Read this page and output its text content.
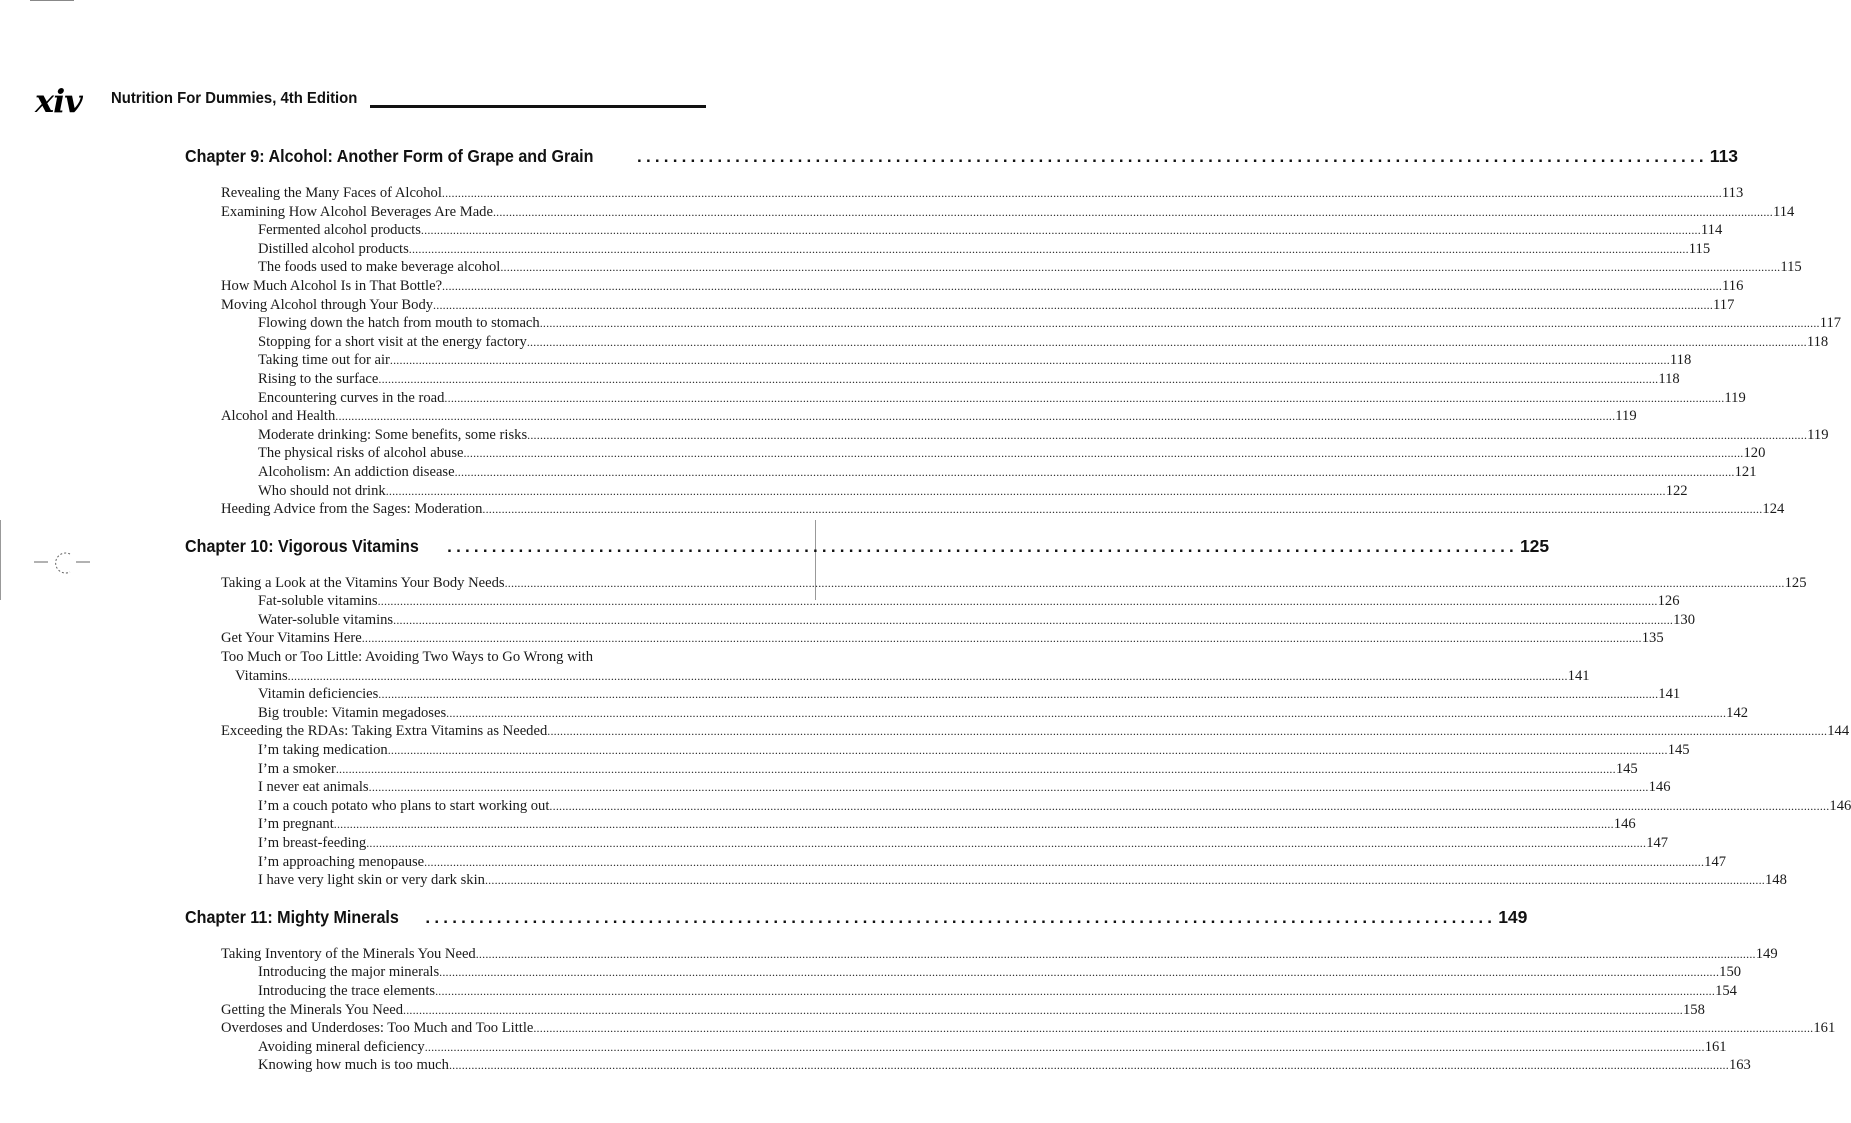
xiv Nutrition For Dummies, 4th Edition
Chapter 9: Alcohol: Another Form of Grape and Grain	........................................................................................................................ 113
Revealing the Many Faces of Alcohol ................................................................................................................................................................................................................................................................................................................................................................................................................ 113
Examining How Alcohol Beverages Are Made ................................................................................................................................................................................................................................................................................................................................................................................................................ 114
Fermented alcohol products ................................................................................................................................................................................................................................................................................................................................................................................................................ 114
Distilled alcohol products ................................................................................................................................................................................................................................................................................................................................................................................................................ 115
The foods used to make beverage alcohol ................................................................................................................................................................................................................................................................................................................................................................................................................ 115
How Much Alcohol Is in That Bottle? ................................................................................................................................................................................................................................................................................................................................................................................................................ 116
Moving Alcohol through Your Body ................................................................................................................................................................................................................................................................................................................................................................................................................ 117
Flowing down the hatch from mouth to stomach ................................................................................................................................................................................................................................................................................................................................................................................................................ 117
Stopping for a short visit at the energy factory ................................................................................................................................................................................................................................................................................................................................................................................................................ 118
Taking time out for air ................................................................................................................................................................................................................................................................................................................................................................................................................ 118
Rising to the surface ................................................................................................................................................................................................................................................................................................................................................................................................................ 118
Encountering curves in the road ................................................................................................................................................................................................................................................................................................................................................................................................................ 119
Alcohol and Health ................................................................................................................................................................................................................................................................................................................................................................................................................ 119
Moderate drinking: Some benefits, some risks ................................................................................................................................................................................................................................................................................................................................................................................................................ 119
The physical risks of alcohol abuse ................................................................................................................................................................................................................................................................................................................................................................................................................ 120
Alcoholism: An addiction disease ................................................................................................................................................................................................................................................................................................................................................................................................................ 121
Who should not drink ................................................................................................................................................................................................................................................................................................................................................................................................................ 122
Heeding Advice from the Sages: Moderation ................................................................................................................................................................................................................................................................................................................................................................................................................ 124
Chapter 10: Vigorous Vitamins ........................................................................................................................ 125
Taking a Look at the Vitamins Your Body Needs ................................................................................................................................................................................................................................................................................................................................................................................................................ 125
Fat-soluble vitamins ................................................................................................................................................................................................................................................................................................................................................................................................................ 126
Water-soluble vitamins ................................................................................................................................................................................................................................................................................................................................................................................................................ 130
Get Your Vitamins Here ................................................................................................................................................................................................................................................................................................................................................................................................................ 135
Too Much or Too Little: Avoiding Two Ways to Go Wrong with
Vitamins ................................................................................................................................................................................................................................................................................................................................................................................................................ 141
Vitamin deficiencies ................................................................................................................................................................................................................................................................................................................................................................................................................ 141
Big trouble: Vitamin megadoses ................................................................................................................................................................................................................................................................................................................................................................................................................ 142
Exceeding the RDAs: Taking Extra Vitamins as Needed ................................................................................................................................................................................................................................................................................................................................................................................................................ 144
I’m taking medication ................................................................................................................................................................................................................................................................................................................................................................................................................ 145
I’m a smoker ................................................................................................................................................................................................................................................................................................................................................................................................................ 145
I never eat animals ................................................................................................................................................................................................................................................................................................................................................................................................................ 146
I’m a couch potato who plans to start working out ................................................................................................................................................................................................................................................................................................................................................................................................................ 146
I’m pregnant ................................................................................................................................................................................................................................................................................................................................................................................................................ 146
I’m breast-feeding ................................................................................................................................................................................................................................................................................................................................................................................................................ 147
I’m approaching menopause ................................................................................................................................................................................................................................................................................................................................................................................................................ 147
I have very light skin or very dark skin ................................................................................................................................................................................................................................................................................................................................................................................................................ 148
Chapter 11: Mighty Minerals ........................................................................................................................ 149
Taking Inventory of the Minerals You Need ................................................................................................................................................................................................................................................................................................................................................................................................................ 149
Introducing the major minerals ................................................................................................................................................................................................................................................................................................................................................................................................................ 150
Introducing the trace elements ................................................................................................................................................................................................................................................................................................................................................................................................................ 154
Getting the Minerals You Need ................................................................................................................................................................................................................................................................................................................................................................................................................ 158
Overdoses and Underdoses: Too Much and Too Little ................................................................................................................................................................................................................................................................................................................................................................................................................ 161
Avoiding mineral deficiency ................................................................................................................................................................................................................................................................................................................................................................................................................ 161
Knowing how much is too much ................................................................................................................................................................................................................................................................................................................................................................................................................ 163
